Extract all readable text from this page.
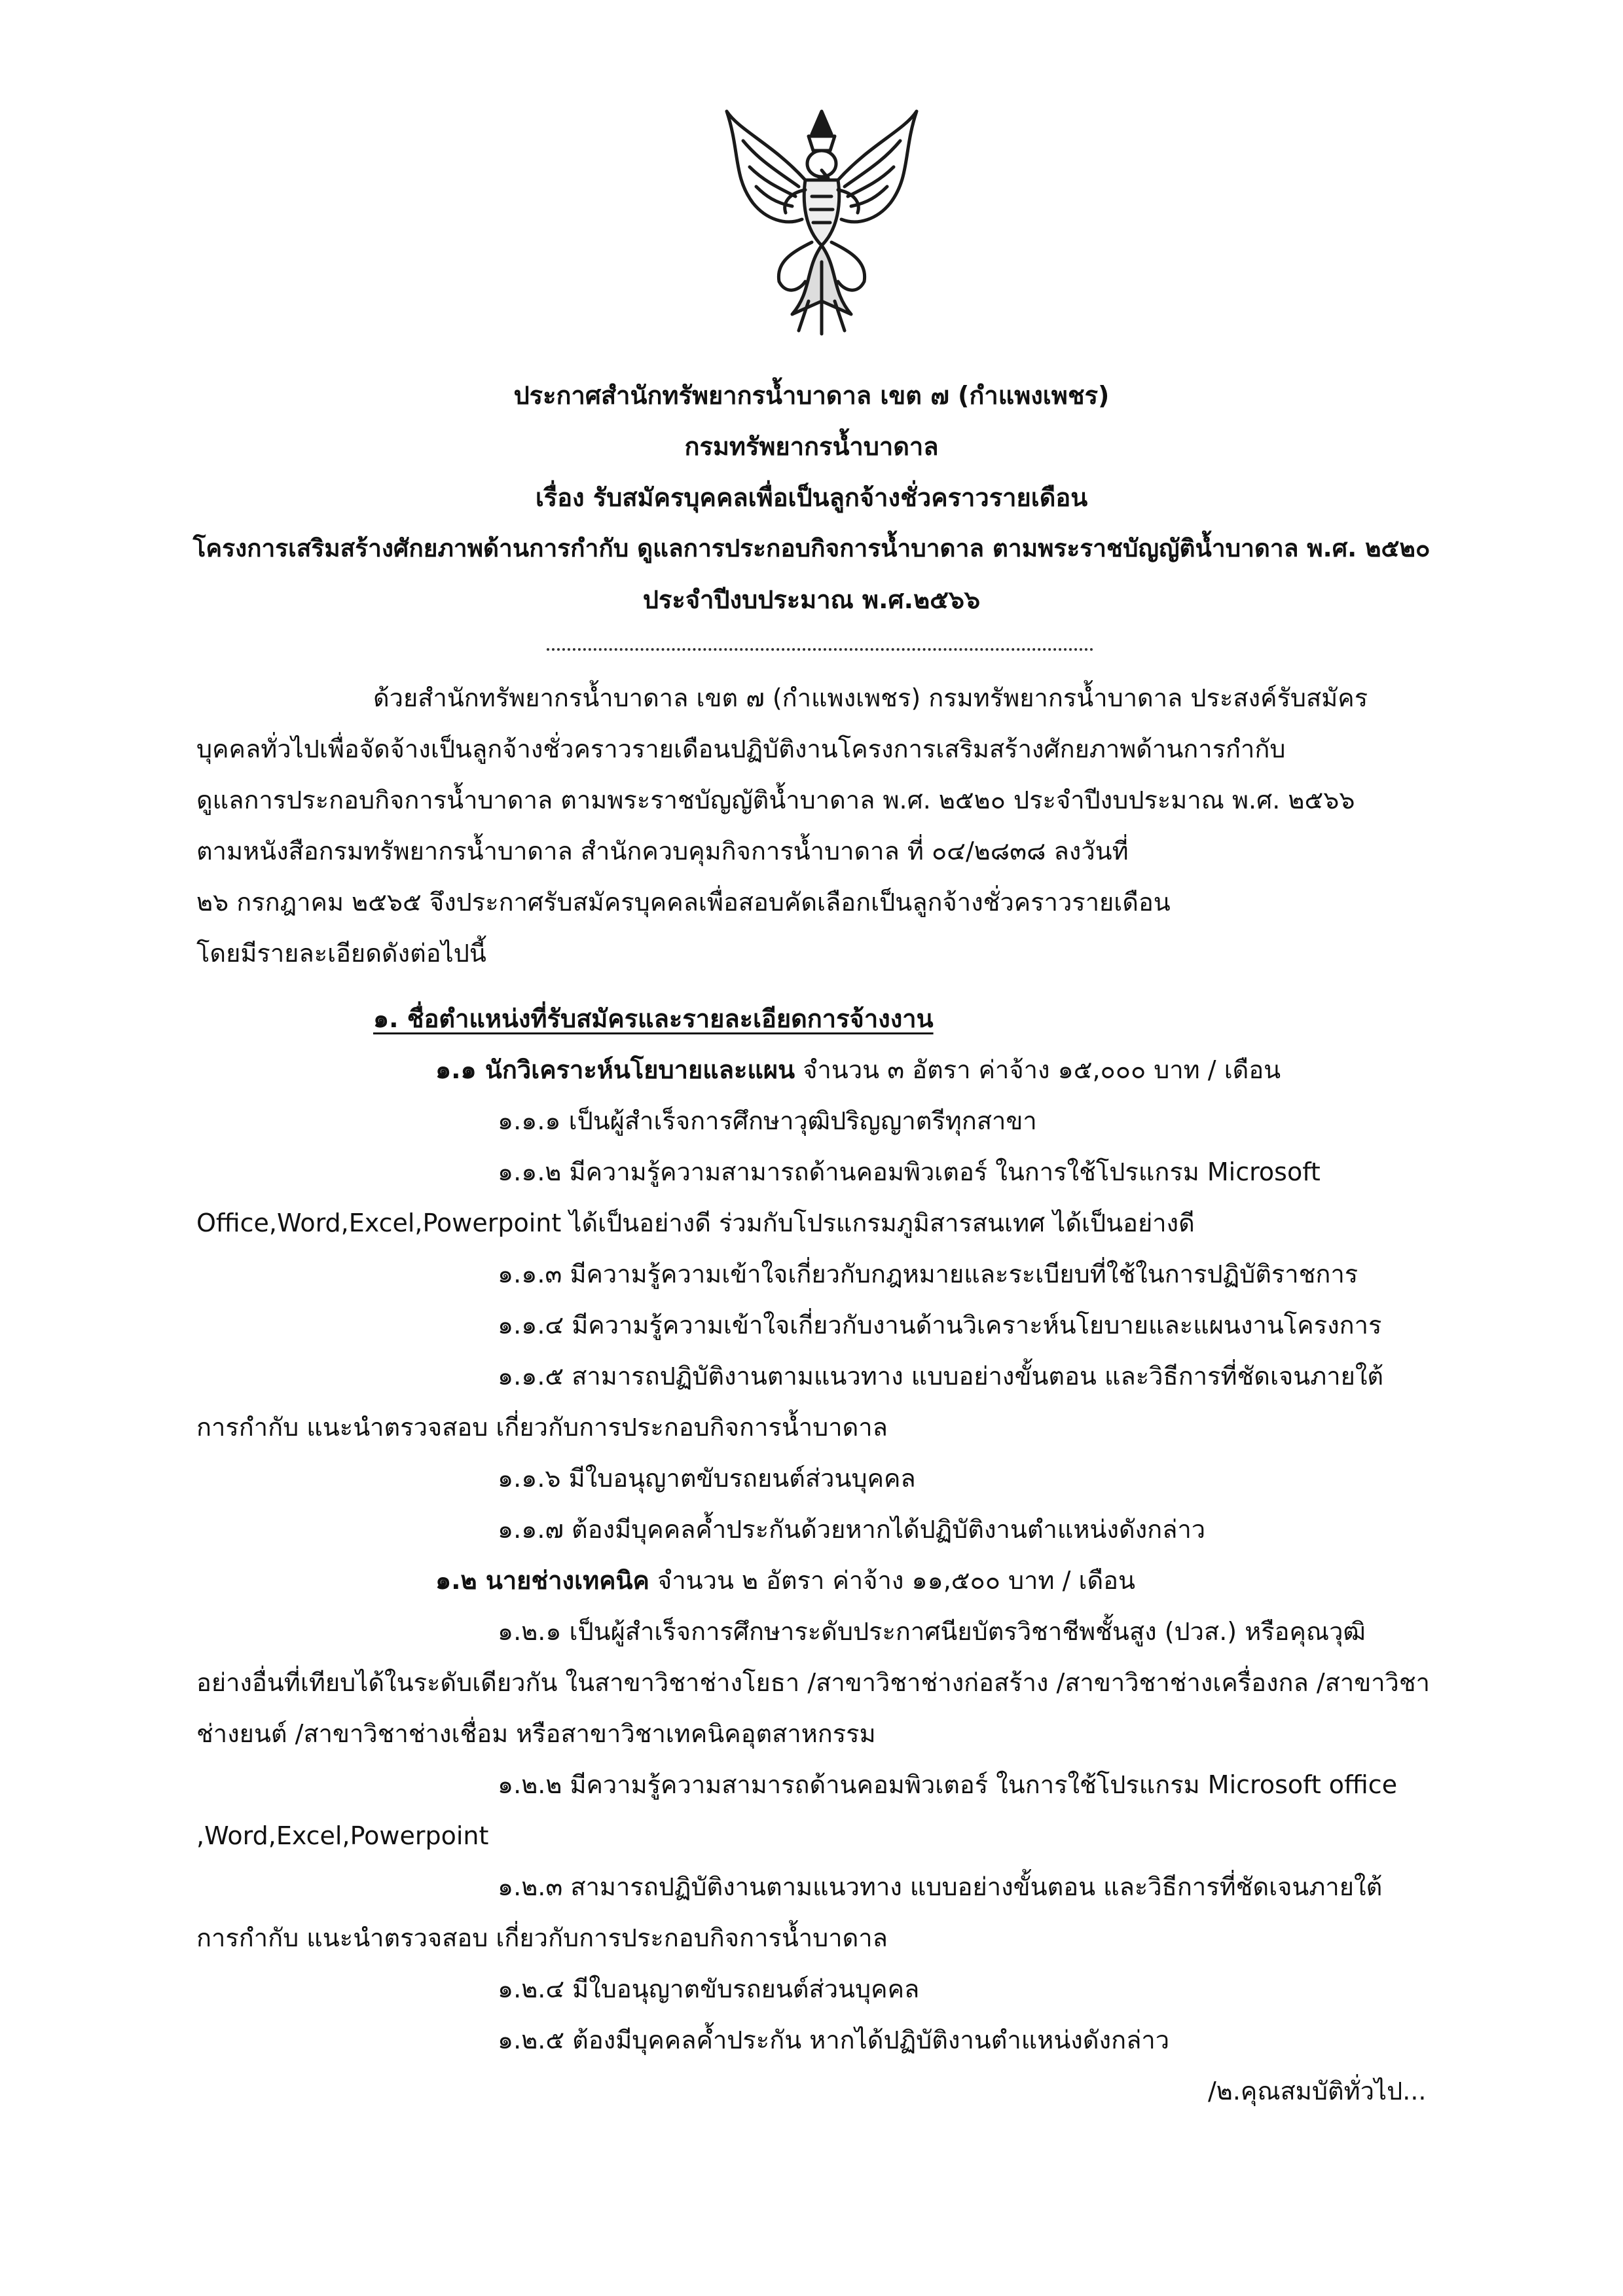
ประกาศสำนักทรัพยากรน้ำบาดาล เขต ๗ (กำแพงเพชร)
กรมทรัพยากรน้ำบาดาล
เรื่อง รับสมัครบุคคลเพื่อเป็นลูกจ้างชั่วคราวรายเดือน
โครงการเสริมสร้างศักยภาพด้านการกำกับ ดูแลการประกอบกิจการน้ำบาดาล ตามพระราชบัญญัติน้ำบาดาล พ.ศ. ๒๕๒๐
ประจำปีงบประมาณ พ.ศ.๒๕๖๖
ด้วยสำนักทรัพยากรน้ำบาดาล เขต ๗ (กำแพงเพชร) กรมทรัพยากรน้ำบาดาล ประสงค์รับสมัคร
บุคคลทั่วไปเพื่อจัดจ้างเป็นลูกจ้างชั่วคราวรายเดือนปฏิบัติงานโครงการเสริมสร้างศักยภาพด้านการกำกับ
ดูแลการประกอบกิจการน้ำบาดาล ตามพระราชบัญญัติน้ำบาดาล พ.ศ. ๒๕๒๐ ประจำปีงบประมาณ พ.ศ. ๒๕๖๖
ตามหนังสือกรมทรัพยากรน้ำบาดาล สำนักควบคุมกิจการน้ำบาดาล ที่ ๐๔/๒๘๓๘ ลงวันที่
๒๖ กรกฎาคม ๒๕๖๕ จึงประกาศรับสมัครบุคคลเพื่อสอบคัดเลือกเป็นลูกจ้างชั่วคราวรายเดือน
โดยมีรายละเอียดดังต่อไปนี้
๑. ชื่อตำแหน่งที่รับสมัครและรายละเอียดการจ้างงาน
๑.๑ นักวิเคราะห์นโยบายและแผน จำนวน ๓ อัตรา ค่าจ้าง ๑๕,๐๐๐ บาท / เดือน
๑.๑.๑ เป็นผู้สำเร็จการศึกษาวุฒิปริญญาตรีทุกสาขา
๑.๑.๒ มีความรู้ความสามารถด้านคอมพิวเตอร์ ในการใช้โปรแกรม Microsoft
Office,Word,Excel,Powerpoint ได้เป็นอย่างดี ร่วมกับโปรแกรมภูมิสารสนเทศ ได้เป็นอย่างดี
๑.๑.๓ มีความรู้ความเข้าใจเกี่ยวกับกฎหมายและระเบียบที่ใช้ในการปฏิบัติราชการ
๑.๑.๔ มีความรู้ความเข้าใจเกี่ยวกับงานด้านวิเคราะห์นโยบายและแผนงานโครงการ
๑.๑.๕ สามารถปฏิบัติงานตามแนวทาง แบบอย่างขั้นตอน และวิธีการที่ชัดเจนภายใต้
การกำกับ แนะนำตรวจสอบ เกี่ยวกับการประกอบกิจการน้ำบาดาล
๑.๑.๖ มีใบอนุญาตขับรถยนต์ส่วนบุคคล
๑.๑.๗ ต้องมีบุคคลค้ำประกันด้วยหากได้ปฏิบัติงานตำแหน่งดังกล่าว
๑.๒ นายช่างเทคนิค จำนวน ๒ อัตรา ค่าจ้าง ๑๑,๕๐๐ บาท / เดือน
๑.๒.๑ เป็นผู้สำเร็จการศึกษาระดับประกาศนียบัตรวิชาชีพชั้นสูง (ปวส.) หรือคุณวุฒิ
อย่างอื่นที่เทียบได้ในระดับเดียวกัน ในสาขาวิชาช่างโยธา /สาขาวิชาช่างก่อสร้าง /สาขาวิชาช่างเครื่องกล /สาขาวิชา
ช่างยนต์ /สาขาวิชาช่างเชื่อม หรือสาขาวิชาเทคนิคอุตสาหกรรม
๑.๒.๒ มีความรู้ความสามารถด้านคอมพิวเตอร์ ในการใช้โปรแกรม Microsoft office
,Word,Excel,Powerpoint
๑.๒.๓ สามารถปฏิบัติงานตามแนวทาง แบบอย่างขั้นตอน และวิธีการที่ชัดเจนภายใต้
การกำกับ แนะนำตรวจสอบ เกี่ยวกับการประกอบกิจการน้ำบาดาล
๑.๒.๔ มีใบอนุญาตขับรถยนต์ส่วนบุคคล
๑.๒.๕ ต้องมีบุคคลค้ำประกัน หากได้ปฏิบัติงานตำแหน่งดังกล่าว
/๒.คุณสมบัติทั่วไป...
